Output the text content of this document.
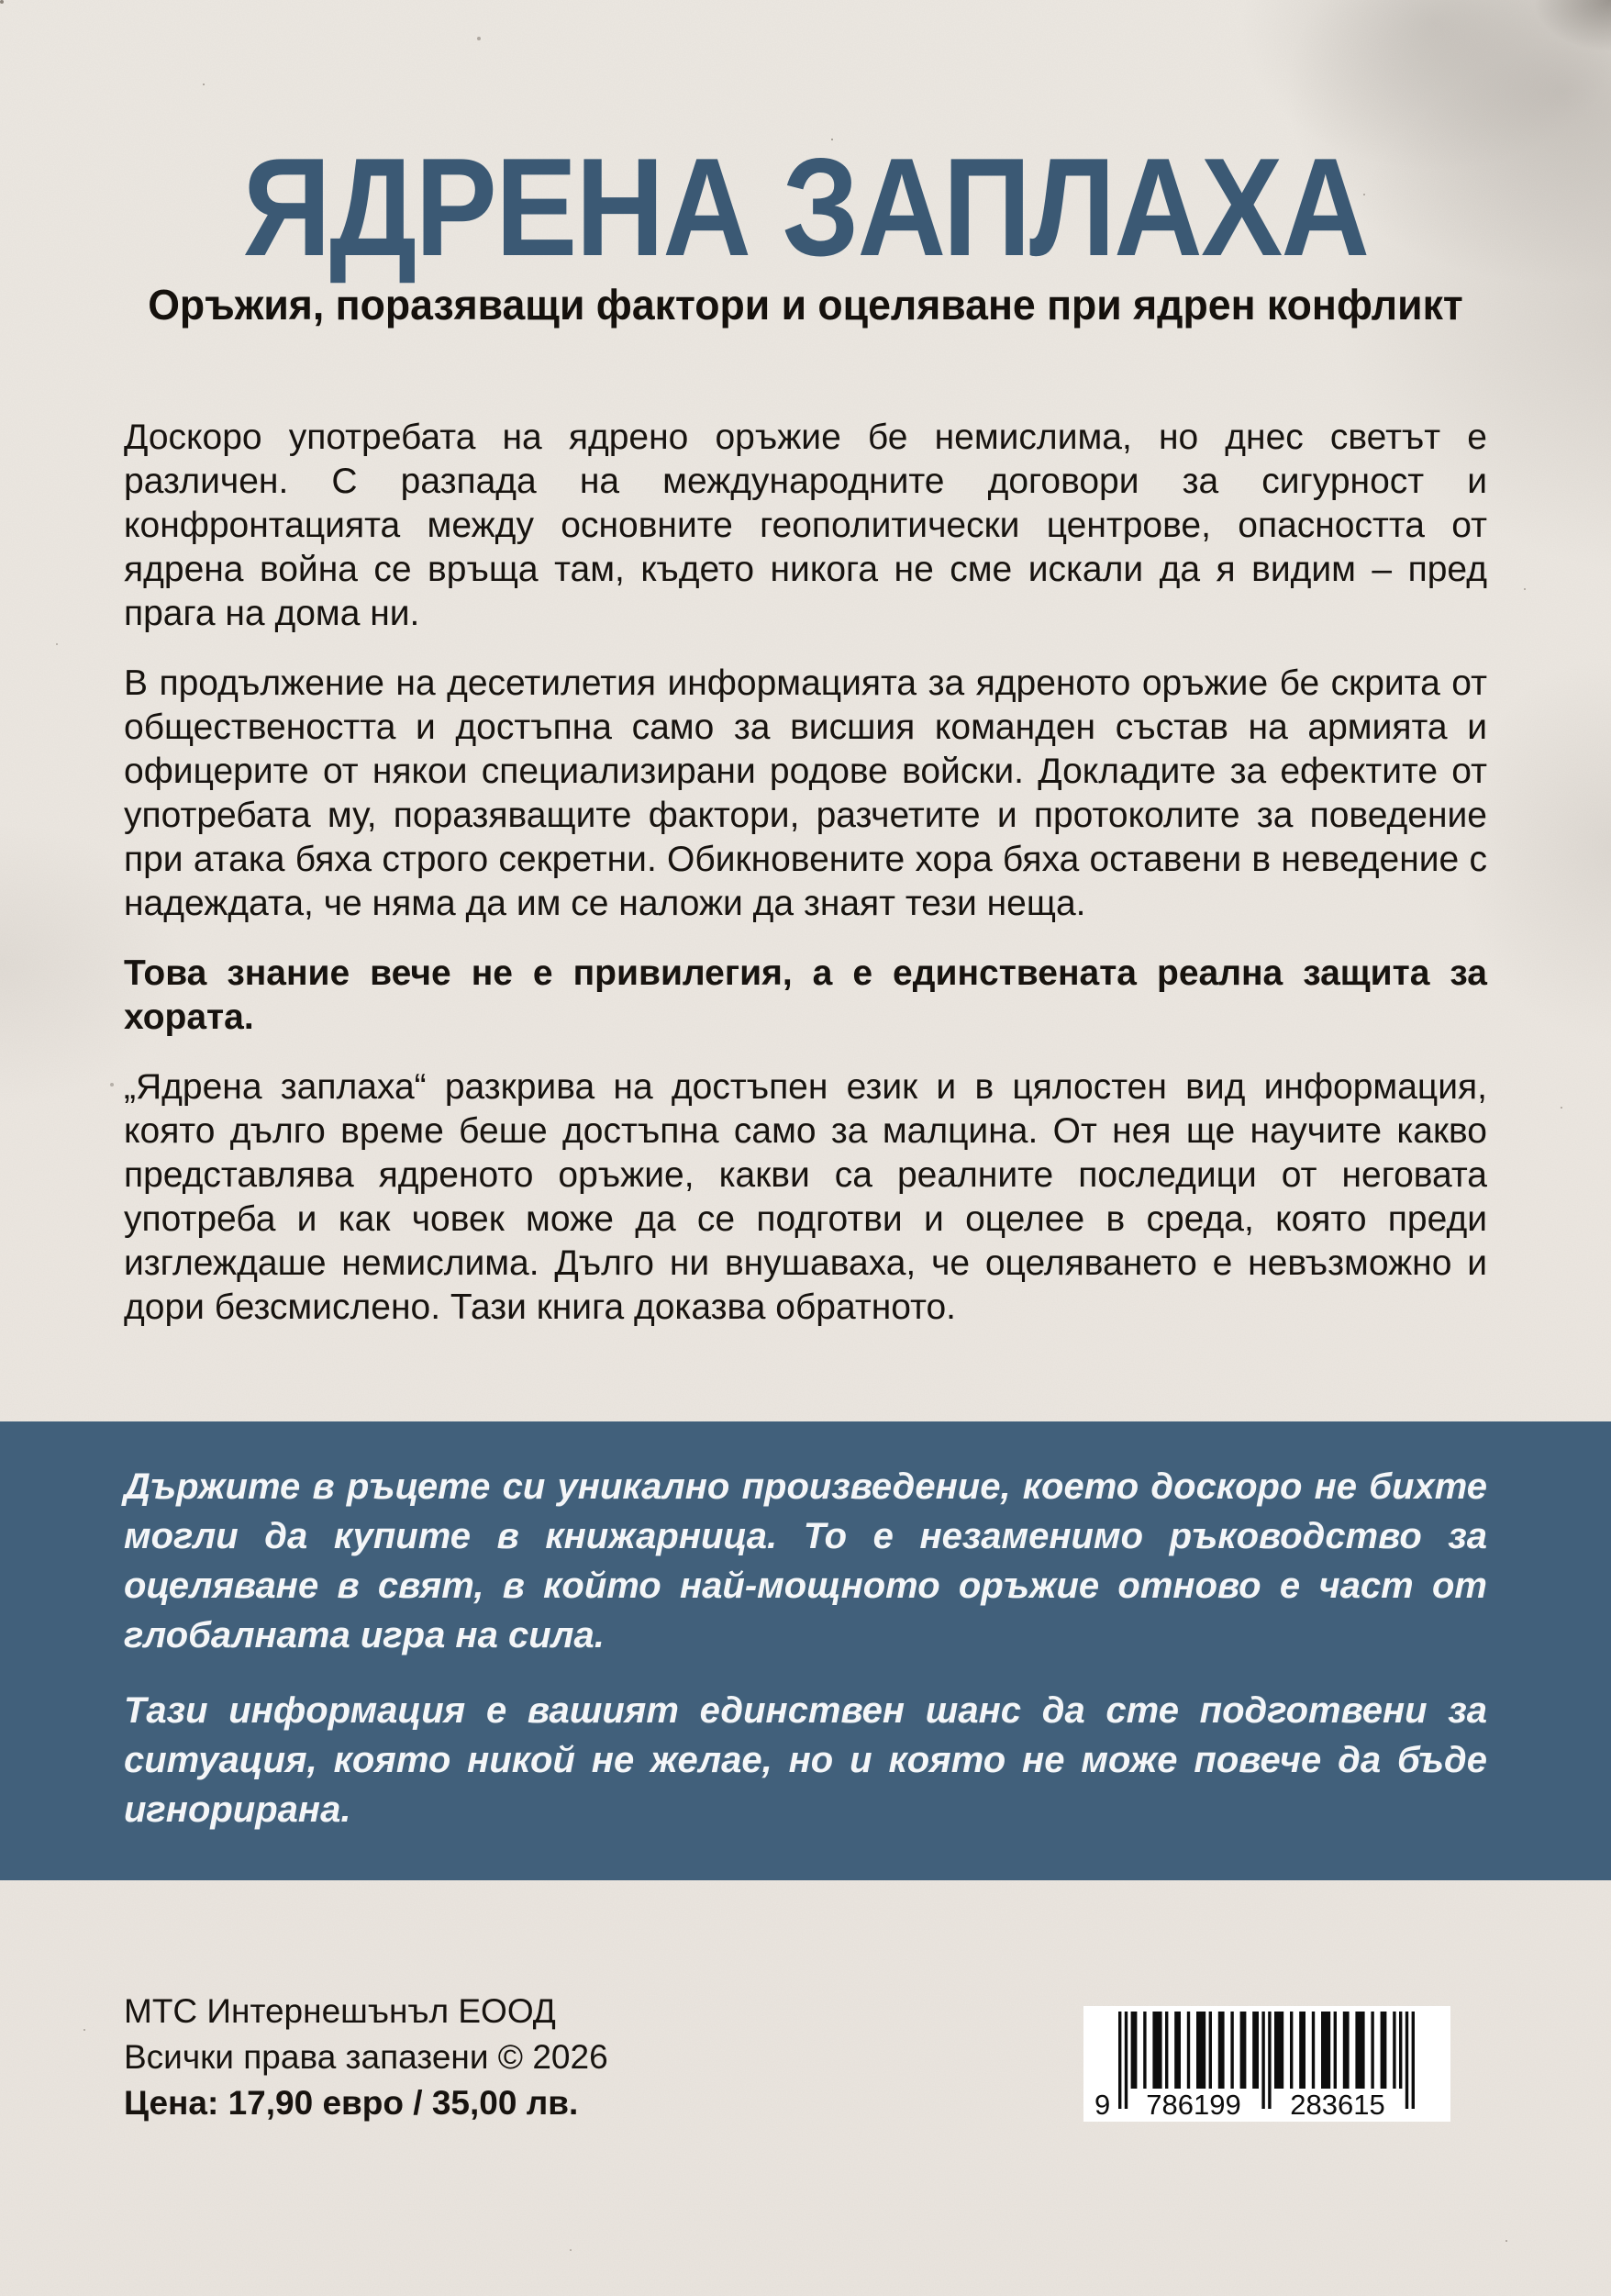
ЯДРЕНА ЗАПЛАХА
Оръжия, поразяващи фактори и оцеляване при ядрен конфликт

Доскоро употребата на ядрено оръжие бе немислима, но днес светът е различен. С разпада на международните договори за сигурност и конфронтацията между основните геополитически центрове, опасността от ядрена война се връща там, където никога не сме искали да я видим – пред прага на дома ни.

В продължение на десетилетия информацията за ядреното оръжие бе скрита от обществеността и достъпна само за висшия команден състав на армията и офицерите от някои специализирани родове войски. Докладите за ефектите от употребата му, поразяващите фактори, разчетите и протоколите за поведение при атака бяха строго секретни. Обикновените хора бяха оставени в неведение с надеждата, че няма да им се наложи да знаят тези неща.

Това знание вече не е привилегия, а е единствената реална защита за хората.

„Ядрена заплаха“ разкрива на достъпен език и в цялостен вид информация, която дълго време беше достъпна само за малцина. От нея ще научите какво представлява ядреното оръжие, какви са реалните последици от неговата употреба и как човек може да се подготви и оцелее в среда, която преди изглеждаше немислима. Дълго ни внушаваха, че оцеляването е невъзможно и дори безсмислено. Тази книга доказва обратното.

Държите в ръцете си уникално произведение, което доскоро не бихте могли да купите в книжарница. То е незаменимо ръководство за оцеляване в свят, в който най-мощното оръжие отново е част от глобалната игра на сила.

Тази информация е вашият единствен шанс да сте подготвени за ситуация, която никой не желае, но и която не може повече да бъде игнорирана.

МТС Интернешънъл ЕООД
Всички права запазени © 2026
Цена: 17,90 евро / 35,00 лв.	9 786199 283615
